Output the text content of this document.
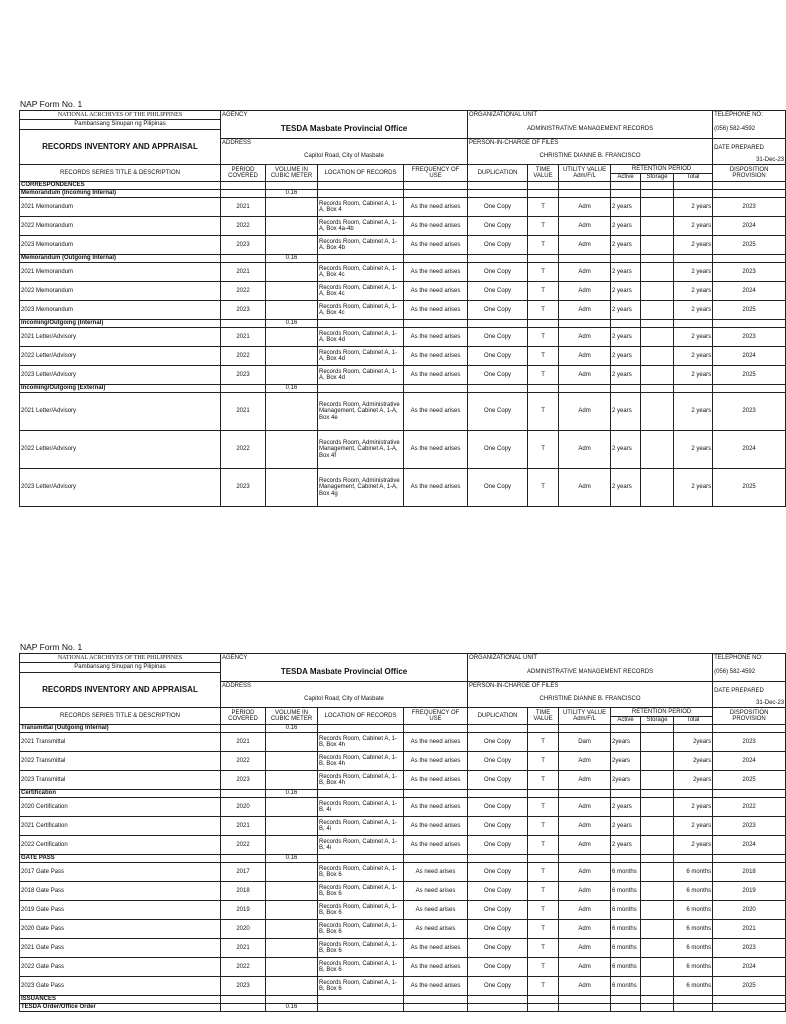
NAP Form No. 1
NATIONAL ACRCHIVES OF THE PHILIPPINES	AGENCY				ORGANIZATIONAL UNIT						TELEPHONE NO:
Pambansang Sinupan ng Pilipinas	TESDA Masbate Provincial Office				ADMINISTRATIVE MANAGEMENT RECORDS						(056) 582-4592
RECORDS INVENTORY AND APPRAISAL											
	ADDRESS				PERSON-IN-CHARGE OF FILES						DATE PREPARED
	Capitol Road, City of Masbate				CHRISTINE DIANNE B. FRANCISCO						
											31-Dec-23
RECORDS SERIES TITLE & DESCRIPTION	PERIOD COVERED	VOLUME IN CUBIC METER	LOCATION OF RECORDS	FREQUENCY OF USE	DUPLICATION	TIME VALUE	UTILITY VALUE Adm/F/L	RETENTION PERIOD			DISPOSITION PROVISION
								Active	Storage	Total	
CORRESPONDENCES											
Memorandum (Incoming Internal)		0.16									
2021 Memorandum	2021		Records Room, Cabinet A, 1-A, Box 4	As the need arises	One Copy	T	Adm	2 years		2 years	2023
2022 Memorandum	2022		Records Room, Cabinet A, 1-A, Box 4a-4b	As the need arises	One Copy	T	Adm	2 years		2 years	2024
2023 Memorandum	2023		Records Room, Cabinet A, 1-A, Box 4b	As the need arises	One Copy	T	Adm	2 years		2 years	2025
Memorandum (Outgoing Internal)		0.16									
2021 Memorandum	2021		Records Room, Cabinet A, 1-A, Box 4c	As the need arises	One Copy	T	Adm	2 years		2 years	2023
2022 Memorandum	2022		Records Room, Cabinet A, 1-A, Box 4c	As the need arises	One Copy	T	Adm	2 years		2 years	2024
2023 Memorandum	2023		Records Room, Cabinet A, 1-A, Box 4c	As the need arises	One Copy	T	Adm	2 years		2 years	2025
Incoming/Outgoing (Internal)		0.16									
2021 Letter/Advisory	2021		Records Room, Cabinet A, 1-A, Box 4d	As the need arises	One Copy	T	Adm	2 years		2 years	2023
2022 Letter/Advisory	2022		Records Room, Cabinet A, 1-A, Box 4d	As the need arises	One Copy	T	Adm	2 years		2 years	2024
2023 Letter/Advisory	2023		Records Room, Cabinet A, 1-A, Box 4d	As the need arises	One Copy	T	Adm	2 years		2 years	2025
Incoming/Outgoing (External)		0.16									
2021 Letter/Advisory	2021		Records Room, Administrative Management, Cabinet A, 1-A, Box 4e	As the need arises	One Copy	T	Adm	2 years		2 years	2023
2022 Letter/Advisory	2022		Records Room, Administrative Management, Cabinet A, 1-A, Box 4f	As the need arises	One Copy	T	Adm	2 years		2 years	2024
2023 Letter/Advisory	2023		Records Room, Administrative Management, Cabinet A, 1-A, Box 4g	As the need arises	One Copy	T	Adm	2 years		2 years	2025
NAP Form No. 1
NATIONAL ACRCHIVES OF THE PHILIPPINES	AGENCY				ORGANIZATIONAL UNIT						TELEPHONE NO:
Pambansang Sinupan ng Pilipinas	TESDA Masbate Provincial Office				ADMINISTRATIVE MANAGEMENT RECORDS						(056) 582-4592
RECORDS INVENTORY AND APPRAISAL											
	ADDRESS				PERSON-IN-CHARGE OF FILES						DATE PREPARED
	Capitol Road, City of Masbate				CHRISTINE DIANNE B. FRANCISCO						
											31-Dec-23
RECORDS SERIES TITLE & DESCRIPTION	PERIOD COVERED	VOLUME IN CUBIC METER	LOCATION OF RECORDS	FREQUENCY OF USE	DUPLICATION	TIME VALUE	UTILITY VALUE Adm/F/L	RETENTION PERIOD			DISPOSITION PROVISION
								Active	Storage	Total	
Transmittal (Outgoing Internal)		0.16									
2021 Transmittal	2021		Records Room, Cabinet A, 1-B, Box 4h	As the need arises	One Copy	T	Dam	2years		2years	2023
2022 Transmittal	2022		Records Room, Cabinet A, 1-B, Box 4h	As the need arises	One Copy	T	Adm	2years		2years	2024
2023 Transmittal	2023		Records Room, Cabinet A, 1-B, Box 4h	As the need arises	One Copy	T	Adm	2years		2years	2025
Certification		0.16									
2020 Certification	2020		Records Room, Cabinet A, 1-B, 4i	As the need arises	One Copy	T	Adm	2 years		2 years	2022
2021 Certification	2021		Records Room, Cabinet A, 1-B, 4i	As the need arises	One Copy	T	Adm	2 years		2 years	2023
2022 Certification	2022		Records Room, Cabinet A, 1-B, 4i	As the need arises	One Copy	T	Adm	2 years		2 years	2024
GATE PASS		0.16									
2017 Gate Pass	2017		Records Room, Cabinet A, 1-B, Box 6	As need arises	One Copy	T	Adm	6 months		6 months	2018
2018 Gate Pass	2018		Records Room, Cabinet A, 1-B, Box 6	As need arises	One Copy	T	Adm	6 months		6 months	2019
2019 Gate Pass	2019		Records Room, Cabinet A, 1-B, Box 6	As need arises	One Copy	T	Adm	6 months		6 months	2020
2020 Gate Pass	2020		Records Room, Cabinet A, 1-B, Box 6	As need arises	One Copy	T	Adm	6 months		6 months	2021
2021 Gate Pass	2021		Records Room, Cabinet A, 1-B, Box 6	As the need arises	One Copy	T	Adm	6 months		6 months	2023
2022 Gate Pass	2022		Records Room, Cabinet A, 1-B, Box 6	As the need arises	One Copy	T	Adm	6 months		6 months	2024
2023 Gate Pass	2023		Records Room, Cabinet A, 1-B, Box 6	As the need arises	One Copy	T	Adm	6 months		6 months	2025
ISSUANCES											
TESDA Order/Office Order		0.16									
